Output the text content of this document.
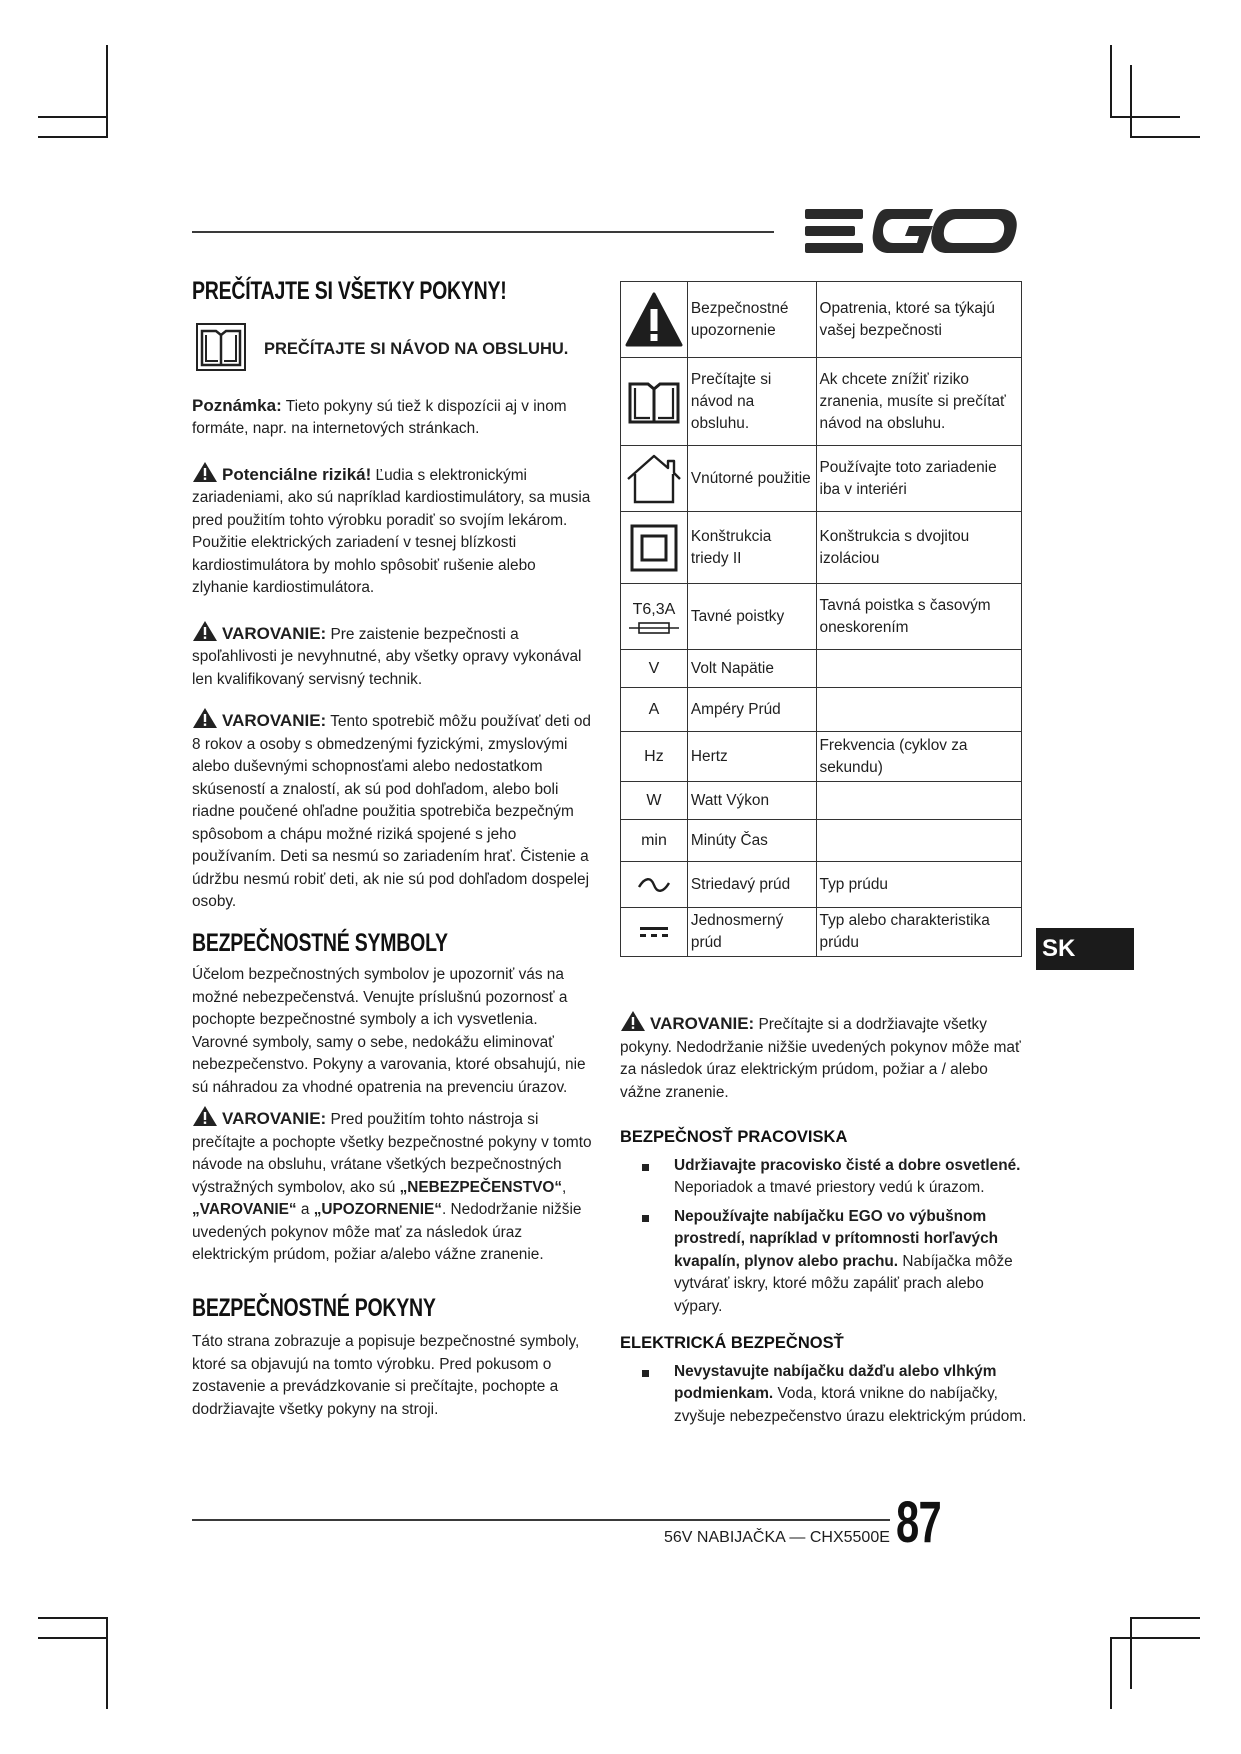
PREČÍTAJTE SI VŠETKY POKYNY!
PREČÍTAJTE SI NÁVOD NA OBSLUHU.

Poznámka: Tieto pokyny sú tiež k dispozícii aj v inom formáte, napr. na internetových stránkach.

Potenciálne riziká! Ľudia s elektronickými zariadeniami, ako sú napríklad kardiostimulátory, sa musia pred použitím tohto výrobku poradiť so svojím lekárom. Použitie elektrických zariadení v tesnej blízkosti kardiostimulátora by mohlo spôsobiť rušenie alebo zlyhanie kardiostimulátora.

VAROVANIE: Pre zaistenie bezpečnosti a spoľahlivosti je nevyhnutné, aby všetky opravy vykonával len kvalifikovaný servisný technik.

VAROVANIE: Tento spotrebič môžu používať deti od 8 rokov a osoby s obmedzenými fyzickými, zmyslovými alebo duševnými schopnosťami alebo nedostatkom skúseností a znalostí, ak sú pod dohľadom, alebo boli riadne poučené ohľadne použitia spotrebiča bezpečným spôsobom a chápu možné riziká spojené s jeho používaním. Deti sa nesmú so zariadením hrať. Čistenie a údržbu nesmú robiť deti, ak nie sú pod dohľadom dospelej osoby.

BEZPEČNOSTNÉ SYMBOLY

Účelom bezpečnostných symbolov je upozorniť vás na možné nebezpečenstvá. Venujte príslušnú pozornosť a pochopte bezpečnostné symboly a ich vysvetlenia. Varovné symboly, samy o sebe, nedokážu eliminovať nebezpečenstvo. Pokyny a varovania, ktoré obsahujú, nie sú náhradou za vhodné opatrenia na prevenciu úrazov.

VAROVANIE: Pred použitím tohto nástroja si prečítajte a pochopte všetky bezpečnostné pokyny v tomto návode na obsluhu, vrátane všetkých bezpečnostných výstražných symbolov, ako sú „NEBEZPEČENSTVO“, „VAROVANIE“ a „UPOZORNENIE“. Nedodržanie nižšie uvedených pokynov môže mať za následok úraz elektrickým prúdom, požiar a/alebo vážne zranenie.

BEZPEČNOSTNÉ POKYNY

Táto strana zobrazuje a popisuje bezpečnostné symboly, ktoré sa objavujú na tomto výrobku. Pred pokusom o zostavenie a prevádzkovanie si prečítajte, pochopte a dodržiavajte všetky pokyny na stroji.

	Bezpečnostné upozornenie	Opatrenia, ktoré sa týkajú vašej bezpečnosti

	Prečítajte si návod na obsluhu.	Ak chcete znížiť riziko zranenia, musíte si prečítať návod na obsluhu.

	Vnútorné použitie	Používajte toto zariadenie iba v interiéri

	Konštrukcia triedy II	Konštrukcia s dvojitou izoláciou

T6,3A	Tavné poistky	Tavná poistka s časovým oneskorením

V	Volt Napätie	

A	Ampéry Prúd	

Hz	Hertz	Frekvencia (cyklov za sekundu)

W	Watt Výkon	

min	Minúty Čas	

	Striedavý prúd	Typ prúdu

	Jednosmerný prúd	Typ alebo charakteristika prúdu	SK

VAROVANIE: Prečítajte si a dodržiavajte všetky pokyny. Nedodržanie nižšie uvedených pokynov môže mať za následok úraz elektrickým prúdom, požiar a / alebo vážne zranenie.

BEZPEČNOSŤ PRACOVISKA
Udržiavajte pracovisko čisté a dobre osvetlené. Neporiadok a tmavé priestory vedú k úrazom.
Nepoužívajte nabíjačku EGO vo výbušnom prostredí, napríklad v prítomnosti horľavých kvapalín, plynov alebo prachu. Nabíjačka môže vytvárať iskry, ktoré môžu zapáliť prach alebo výpary.
ELEKTRICKÁ BEZPEČNOSŤ
Nevystavujte nabíjačku dažďu alebo vlhkým podmienkam. Voda, ktorá vnikne do nabíjačky, zvyšuje nebezpečenstvo úrazu elektrickým prúdom.
56V NABIJAČKA — CHX5500E 87
